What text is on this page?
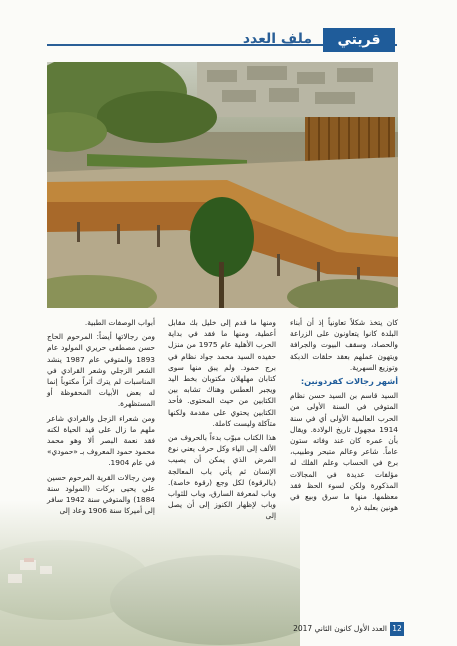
ملف العدد	قريتي

كان يتخذ شكلاً تعاونياً إذ أن أبناء البلدة كانوا يتعاونون على الزراعة والحصاد، وسقف البيوت والجرافة ويتهون عملهم بعقد حلقات الدبكة وتوزيع السهرية.

أشهر رجالات كفردونين:

السيد قاسم بن السيد حسن نظام المتوفي في السنة الأولى من الحرب العالمية الأولى أي في سنة 1914 مجهول تاريخ الولادة. ويقال بأن عمره كان عند وفاته ستون عاماً. شاعر وعالم متبحر وطبيب، برع في الحساب وعلم الفلك له مؤلفات عديدة في المجالات المذكورة ولكن لسوء الحظ فقد معظمها. منها ما سرق وبيع في هونين بعلبة ذرة

ومنها ما قدم إلى خليل بك مقابل أعطية، ومنها ما فقد في بداية الحرب الأهلية عام 1975 من منزل حفيده السيد محمد جواد نظام في برج حمود. ولم يبق منها سوى كتابان مهلهلان مكتوبان بخط اليد ويجبر العطس وهناك تشابه بين الكتابين من حيث المحتوى. فأحد الكتابين يحتوي على مقدمة ولكنها متآكلة وليست كاملة.

هذا الكتاب مبوّب بدءاً بالحروف من الألف إلى الياء وكل حرف يعني نوع المرض الذي يمكن أن يصيب الإنسان ثم يأتي باب المعالجة (بالرقوة) لكل وجع (رقوة خاصة). وباب لمعرفة السارق، وباب للثواب وباب لإظهار الكنوز إلى أن يصل إلى

أبواب الوصفات الطبية.

ومن رجالاتها أيضاً: المرحوم الحاج حسن مصطفى حريري المولود عام 1893 والمتوفي عام 1987 ينشد الشعر الزجلي وشعر القرادي في المناسبات لم يترك أثراً مكتوباً إنما له بعض الأبيات المحفوظة أو المستظهرة.

ومن شعراء الزجل والقرادي شاعر ملهم ما زال على قيد الحياة لكنه فقد نعمة البصر ألا وهو محمد محمود حمود المعروف بـ «حمودي» في عام 1904.

ومن رجالات القرية المرحوم حسين علي يحيى بركات (المولود سنة 1884) والمتوفي سنة 1942 سافر إلى أميركا سنة 1906 وعاد إلى

العدد الأول كانون الثاني 2017 12
